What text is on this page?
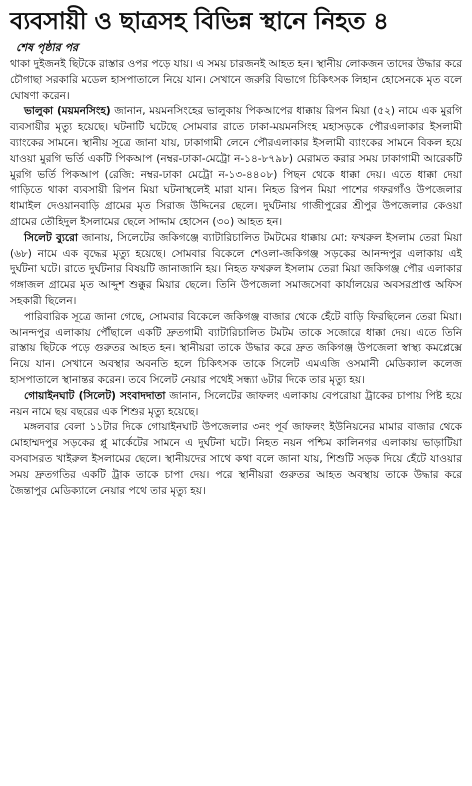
ব্যবসায়ী ও ছাত্রসহ বিভিন্ন স্থানে নিহত ৪
শেষ পৃষ্ঠার পর

থাকা দুইজনই ছিটকে রাস্তার ওপর পড়ে যায়। এ সময় চারজনই আহত হন। স্থানীয় লোকজন তাদের উদ্ধার করে চৌগাছা সরকারি মডেল হাসপাতালে নিয়ে যান। সেখানে জরুরি বিভাগে চিকিৎসক লিহান হোসেনকে মৃত বলে ঘোষণা করেন।

ভালুকা (ময়মনসিংহ) জানান, ময়মনসিংহের ভালুকায় পিকআপের ধাক্কায় রিপন মিয়া (৫২) নামে এক মুরগি ব্যবসায়ীর মৃত্যু হয়েছে। ঘটনাটি ঘটেছে সোমবার রাতে ঢাকা-ময়মনসিংহ মহাসড়কে পৌরএলাকার ইসলামী ব্যাংকের সামনে। স্থানীয় সূত্রে জানা যায়, ঢাকাগামী লেনে পৌরএলাকার ইসলামী ব্যাংকের সামনে বিকল হয়ে যাওয়া মুরগি ভর্তি একটি পিকআপ (নম্বর-ঢাকা-মেট্রো ন-১৪-৮৭৯৮) মেরামত করার সময় ঢাকাগামী আরেকটি মুরগি ভর্তি পিকআপ (রেজি: নম্বর-ঢাকা মেট্রো ন-১৩-৪৪০৮) পিছন থেকে ধাক্কা দেয়। এতে ধাক্কা দেয়া গাড়িতে থাকা ব্যবসায়ী রিপন মিয়া ঘটনাস্থলেই মারা যান। নিহত রিপন মিয়া পাশের গফরগাঁও উপজেলার ধামাইল দেওয়ানবাড়ি গ্রামের মৃত সিরাজ উদ্দিনের ছেলে। দুর্ঘটনায় গাজীপুরের শ্রীপুর উপজেলার কেওয়া গ্রামের তৌহিদুল ইসলামের ছেলে সাদ্দাম হোসেন (৩০) আহত হন।

সিলেট ব্যুরো জানায়, সিলেটের জকিগঞ্জে ব্যাটারিচালিত টমটমের ধাক্কায় মো: ফখরুল ইসলাম তেরা মিয়া (৬৮) নামে এক বৃদ্ধের মৃত্যু হয়েছে। সোমবার বিকেলে শেওলা-জকিগঞ্জ সড়কের আনন্দপুর এলাকায় এই দুর্ঘটনা ঘটে। রাতে দুর্ঘটনার বিষয়টি জানাজানি হয়। নিহত ফখরুল ইসলাম তেরা মিয়া জকিগঞ্জ পৌর এলাকার গঙ্গাজল গ্রামের মৃত আব্দুশ শুক্কুর মিয়ার ছেলে। তিনি উপজেলা সমাজসেবা কার্যালয়ের অবসরপ্রাপ্ত অফিস সহকারী ছিলেন।

পারিবারিক সূত্রে জানা গেছে, সোমবার বিকেলে জকিগঞ্জ বাজার থেকে হেঁটে বাড়ি ফিরছিলেন তেরা মিয়া। আনন্দপুর এলাকায় পৌঁছালে একটি দ্রুতগামী ব্যাটারিচালিত টমটম তাকে সজোরে ধাক্কা দেয়। এতে তিনি রাস্তায় ছিটকে পড়ে গুরুতর আহত হন। স্থানীয়রা তাকে উদ্ধার করে দ্রুত জকিগঞ্জ উপজেলা স্বাস্থ্য কমপ্লেক্সে নিয়ে যান। সেখানে অবস্থার অবনতি হলে চিকিৎসক তাকে সিলেট এমএজি ওসমানী মেডিক্যাল কলেজ হাসপাতালে স্থানান্তর করেন। তবে সিলেট নেয়ার পথেই সন্ধ্যা ৬টার দিকে তার মৃত্যু হয়।

গোয়াইনঘাট (সিলেট) সংবাদদাতা জানান, সিলেটের জাফলং এলাকায় বেপরোয়া ট্রাকের চাপায় পিষ্ট হয়ে নয়ন নামে ছয় বছরের এক শিশুর মৃত্যু হয়েছে।

মঙ্গলবার বেলা ১১টার দিকে গোয়াইনঘাট উপজেলার ৩নং পূর্ব জাফলং ইউনিয়নের মামার বাজার থেকে মোহাম্মদপুর সড়কের প্লু মার্কেটের সামনে এ দুর্ঘটনা ঘটে। নিহত নয়ন পশ্চিম কালিনগর এলাকায় ভাড়াটিয়া বসবাসরত খাইরুল ইসলামের ছেলে। স্থানীয়দের সাথে কথা বলে জানা যায়, শিশুটি সড়ক দিয়ে হেঁটে যাওয়ার সময় দ্রুতগতির একটি ট্রাক তাকে চাপা দেয়। পরে স্থানীয়রা গুরুতর আহত অবস্থায় তাকে উদ্ধার করে জৈন্তাপুর মেডিক্যালে নেয়ার পথে তার মৃত্যু হয়।
